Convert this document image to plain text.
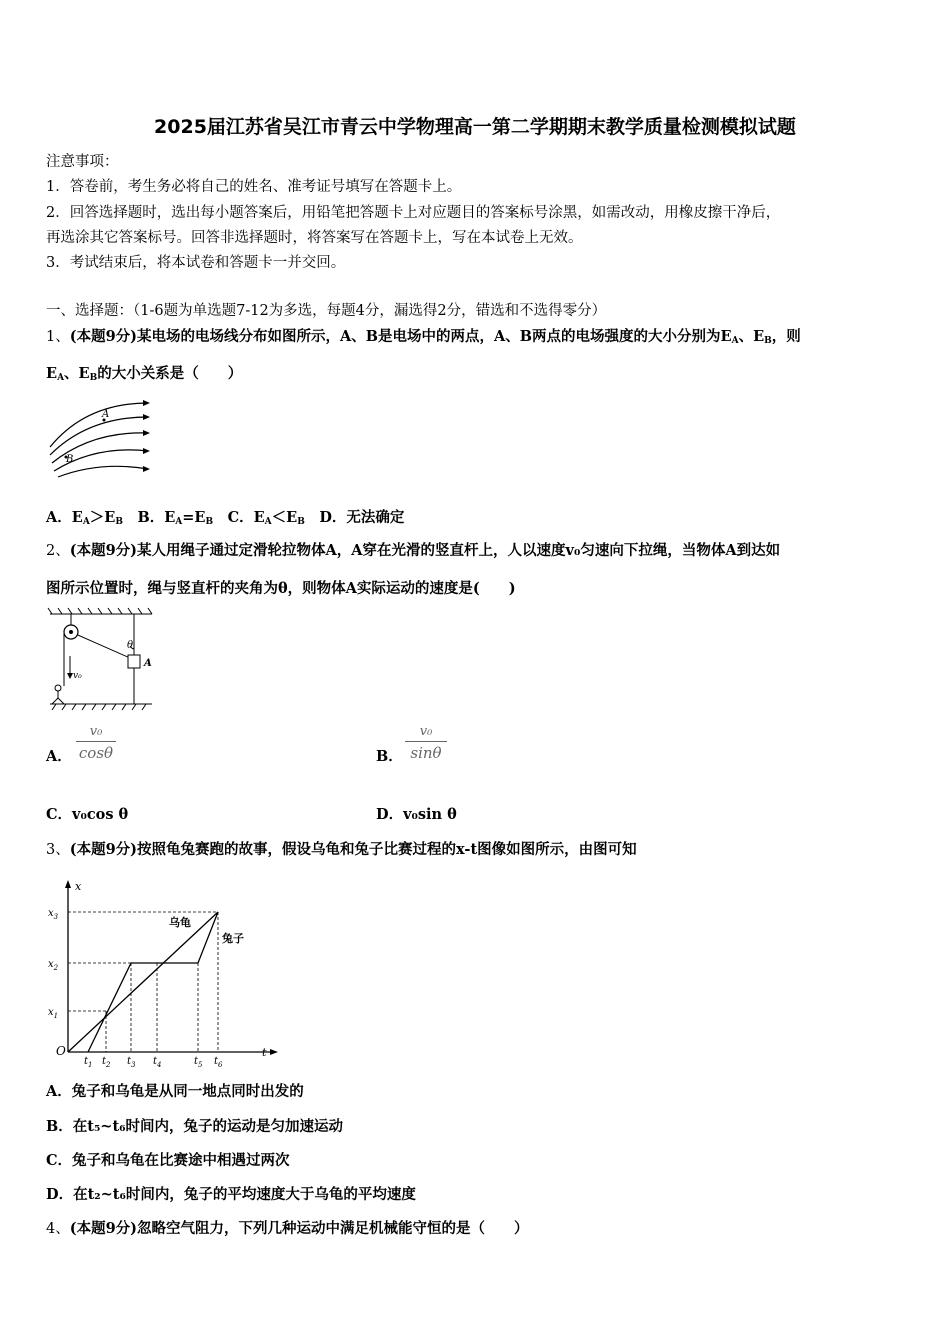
2025届江苏省吴江市青云中学物理高一第二学期期末教学质量检测模拟试题
注意事项：
1．答卷前，考生务必将自己的姓名、准考证号填写在答题卡上。
2．回答选择题时，选出每小题答案后，用铅笔把答题卡上对应题目的答案标号涂黑，如需改动，用橡皮擦干净后，
再选涂其它答案标号。回答非选择题时，将答案写在答题卡上，写在本试卷上无效。
3．考试结束后，将本试卷和答题卡一并交回。
一、选择题：（1-6题为单选题7-12为多选，每题4分，漏选得2分，错选和不选得零分）
1、(本题9分)某电场的电场线分布如图所示，A、B是电场中的两点，A、B两点的电场强度的大小分别为$E_A$、$E_B$，则
$E_A$、$E_B$的大小关系是（　　）
A
B
A．$E_A>E_B$　 B．$E_A=E_B$　 C．$E_A<E_B$　 D．无法确定
2、(本题9分)某人用绳子通过定滑轮拉物体A，A穿在光滑的竖直杆上，人以速度v₀匀速向下拉绳，当物体A到达如
图所示位置时，绳与竖直杆的夹角为θ，则物体A实际运动的速度是(　　)
θ
A
v₀
A．
v₀
cosθ	B．
v₀
sinθ
C．v₀cos θ	D．v₀sin θ
3、(本题9分)按照龟兔赛跑的故事，假设乌龟和兔子比赛过程的x-t图像如图所示，由图可知
x
t
O
$x_1$
$x_2$
$x_3$
$t_1$ $t_2$ $t_3$ $t_4$	$t_5$ $t_6$
乌龟
兔子
A．兔子和乌龟是从同一地点同时出发的
B．在t₅~t₆时间内，兔子的运动是匀加速运动
C．兔子和乌龟在比赛途中相遇过两次
D．在t₂~t₆时间内，兔子的平均速度大于乌龟的平均速度
4、(本题9分)忽略空气阻力，下列几种运动中满足机械能守恒的是（　　）
